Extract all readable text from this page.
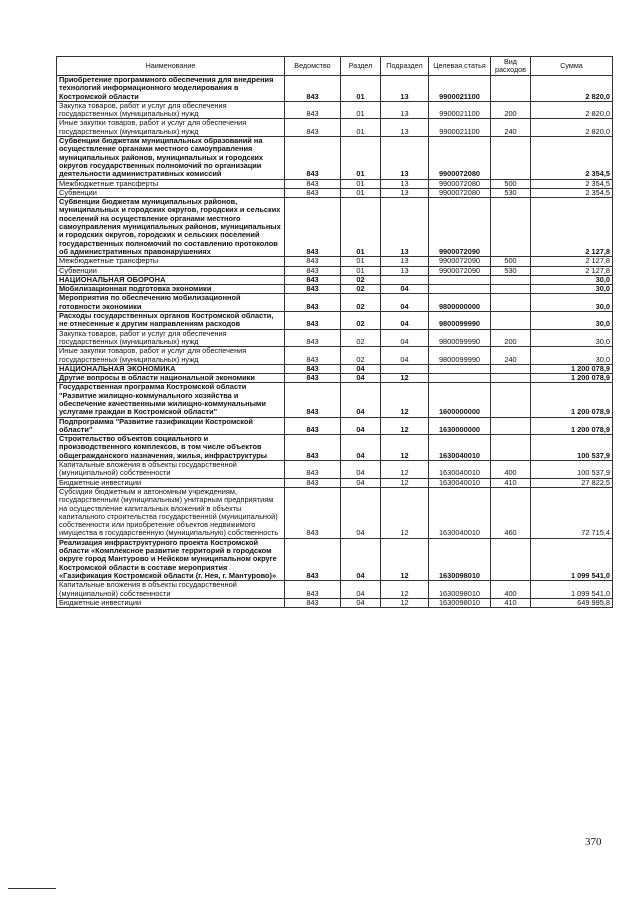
Наименование	Ведомство	Раздел	Подраздел	Целевая статья	Вид расходов	Сумма
Приобретение программного обеспечения для внедрения технологий информационного моделирования в Костромской области	843	01	13	9900021100		2 820,0
Закупка товаров, работ и услуг для обеспечения государственных (муниципальных) нужд	843	01	13	9900021100	200	2 820,0
Иные закупки товаров, работ и услуг для обеспечения государственных (муниципальных) нужд	843	01	13	9900021100	240	2 820,0
Субвенции бюджетам муниципальных образований на осуществление органами местного самоуправления муниципальных районов, муниципальных и городских округов государственных полномочий по организации деятельности административных комиссий	843	01	13	9900072080		2 354,5
Межбюджетные трансферты	843	01	13	9900072080	500	2 354,5
Субвенции	843	01	13	9900072080	530	2 354,5
Субвенции бюджетам муниципальных районов, муниципальных и городских округов, городских и сельских поселений на осуществление органами местного самоуправления муниципальных районов, муниципальных и городских округов, городских и сельских поселений государственных полномочий по составлению протоколов об административных правонарушениях	843	01	13	9900072090		2 127,8
Межбюджетные трансферты	843	01	13	9900072090	500	2 127,8
Субвенции	843	01	13	9900072090	530	2 127,8
НАЦИОНАЛЬНАЯ ОБОРОНА	843	02				30,0
Мобилизационная подготовка экономики	843	02	04			30,0
Мероприятия по обеспечению мобилизационной готовности экономики	843	02	04	9800000000		30,0
Расходы государственных органов Костромской области, не отнесенные к другим направлениям расходов	843	02	04	9800099990		30,0
Закупка товаров, работ и услуг для обеспечения государственных (муниципальных) нужд	843	02	04	9800099990	200	30,0
Иные закупки товаров, работ и услуг для обеспечения государственных (муниципальных) нужд	843	02	04	9800099990	240	30,0
НАЦИОНАЛЬНАЯ ЭКОНОМИКА	843	04				1 200 078,9
Другие вопросы в области национальной экономики	843	04	12			1 200 078,9
Государственная программа Костромской области "Развитие жилищно-коммунального хозяйства и обеспечение качественными жилищно-коммунальными услугами граждан в Костромской области"	843	04	12	1600000000		1 200 078,9
Подпрограмма "Развитие газификации Костромской области"	843	04	12	1630000000		1 200 078,9
Строительство объектов социального и производственного комплексов, в том числе объектов общегражданского назначения, жилья, инфраструктуры	843	04	12	1630040010		100 537,9
Капитальные вложения в объекты государственной (муниципальной) собственности	843	04	12	1630040010	400	100 537,9
Бюджетные инвестиции	843	04	12	1630040010	410	27 822,5
Субсидии бюджетным и автономным учреждениям, государственным (муниципальным) унитарным предприятиям на осуществление капитальных вложений в объекты капитального строительства государственной (муниципальной) собственности или приобретение объектов недвижимого имущества в государственную (муниципальную) собственность	843	04	12	1630040010	460	72 715,4
Реализация инфраструктурного проекта Костромской области «Комплексное развитие территорий в городском округе город Мантурово и Нейском муниципальном округе Костромской области в составе мероприятия «Газификация Костромской области (г. Нея, г. Мантурово)»	843	04	12	1630098010		1 099 541,0
Капитальные вложения в объекты государственной (муниципальной) собственности	843	04	12	1630098010	400	1 099 541,0
Бюджетные инвестиции	843	04	12	1630098010	410	649 995,8
370
